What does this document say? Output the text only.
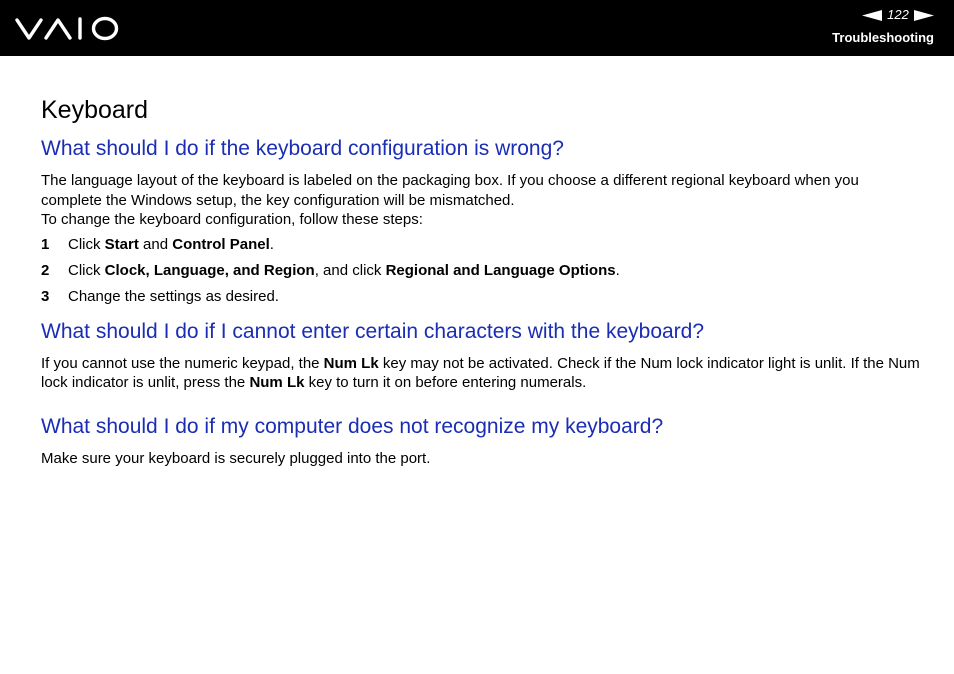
122
Troubleshooting
Keyboard
What should I do if the keyboard configuration is wrong?

The language layout of the keyboard is labeled on the packaging box. If you choose a different regional keyboard when you complete the Windows setup, the key configuration will be mismatched.

To change the keyboard configuration, follow these steps:

1 Click Start and Control Panel.
2 Click Clock, Language, and Region, and click Regional and Language Options.
3 Change the settings as desired.
What should I do if I cannot enter certain characters with the keyboard?

If you cannot use the numeric keypad, the Num Lk key may not be activated. Check if the Num lock indicator light is unlit. If the Num lock indicator is unlit, press the Num Lk key to turn it on before entering numerals.

What should I do if my computer does not recognize my keyboard?

Make sure your keyboard is securely plugged into the port.
